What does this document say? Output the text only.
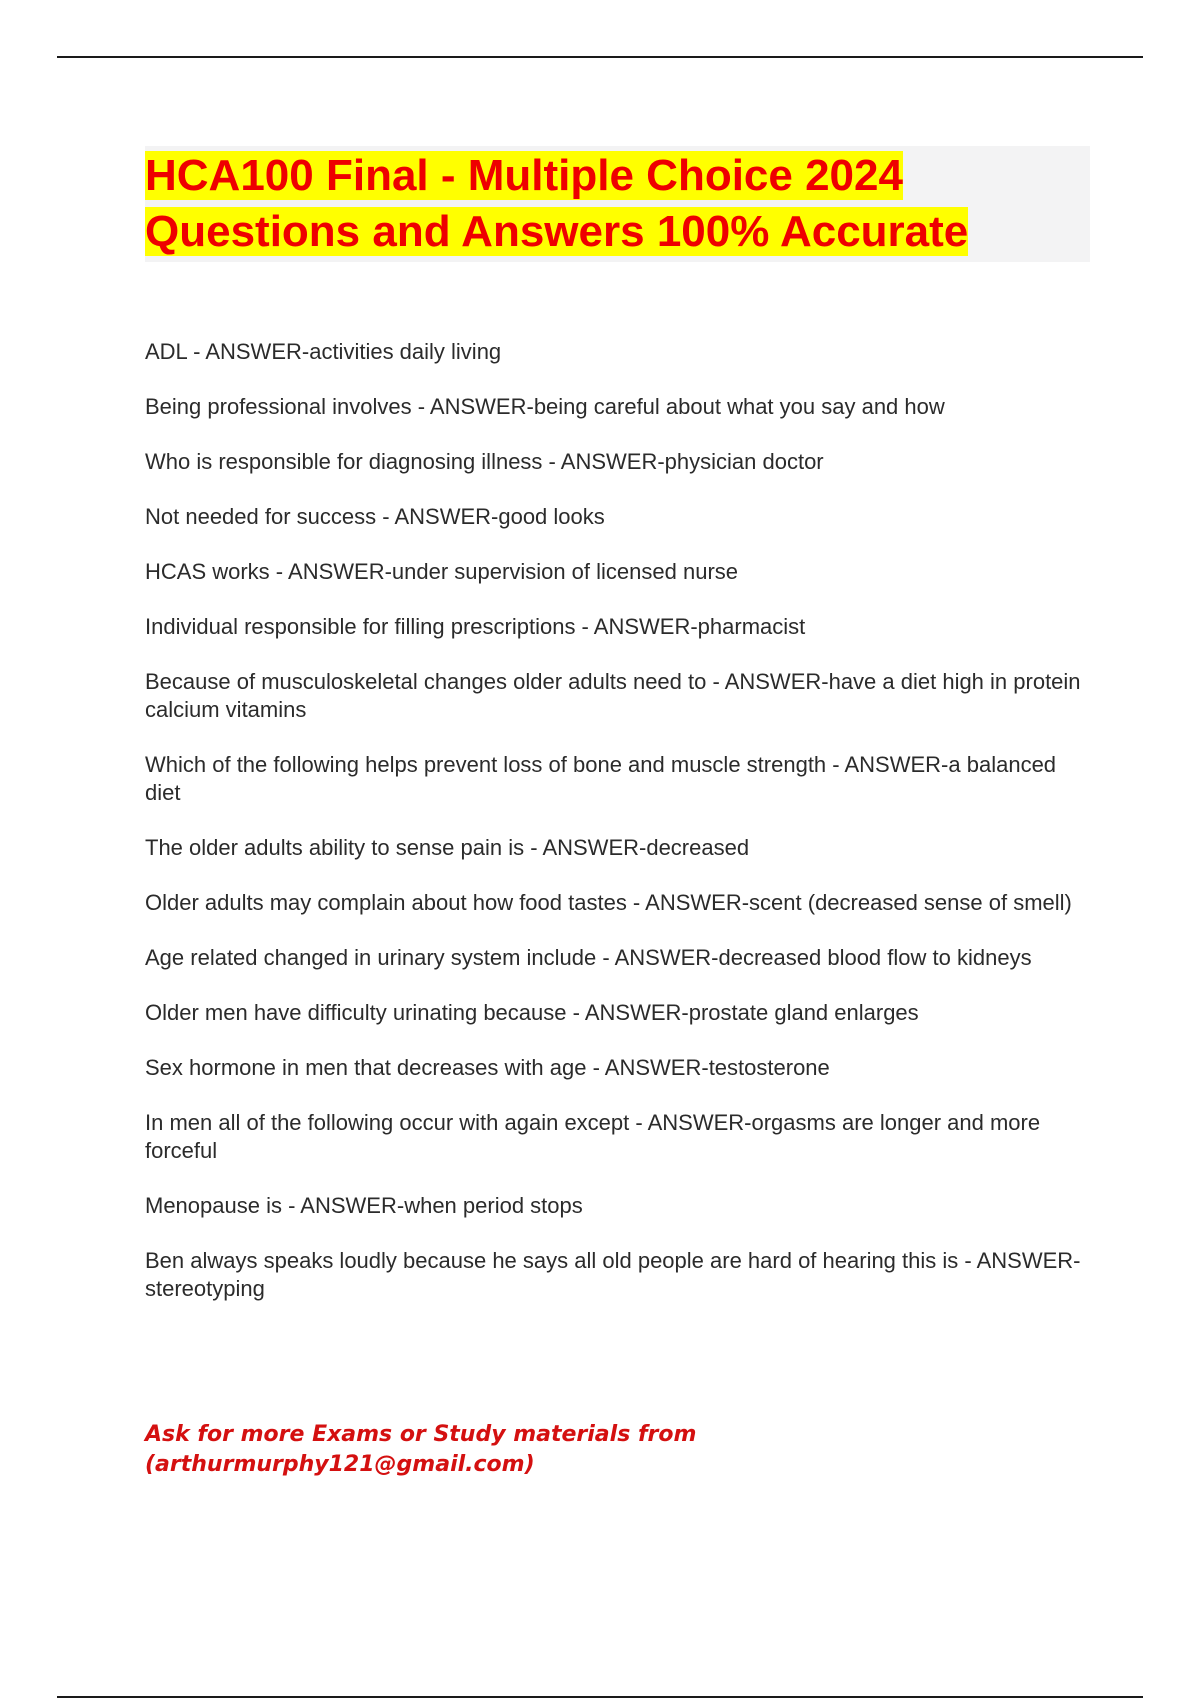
HCA100 Final - Multiple Choice 2024
Questions and Answers 100% Accurate
ADL - ANSWER-activities daily living
Being professional involves - ANSWER-being careful about what you say and how
Who is responsible for diagnosing illness - ANSWER-physician doctor
Not needed for success - ANSWER-good looks
HCAS works - ANSWER-under supervision of licensed nurse
Individual responsible for filling prescriptions - ANSWER-pharmacist
Because of musculoskeletal changes older adults need to - ANSWER-have a diet high in protein calcium vitamins
Which of the following helps prevent loss of bone and muscle strength - ANSWER-a balanced diet
The older adults ability to sense pain is - ANSWER-decreased
Older adults may complain about how food tastes - ANSWER-scent (decreased sense of smell)
Age related changed in urinary system include - ANSWER-decreased blood flow to kidneys
Older men have difficulty urinating because - ANSWER-prostate gland enlarges
Sex hormone in men that decreases with age - ANSWER-testosterone
In men all of the following occur with again except - ANSWER-orgasms are longer and more forceful
Menopause is - ANSWER-when period stops
Ben always speaks loudly because he says all old people are hard of hearing this is - ANSWER-stereotyping
Ask for more Exams or Study materials from
(arthurmurphy121@gmail.com)
